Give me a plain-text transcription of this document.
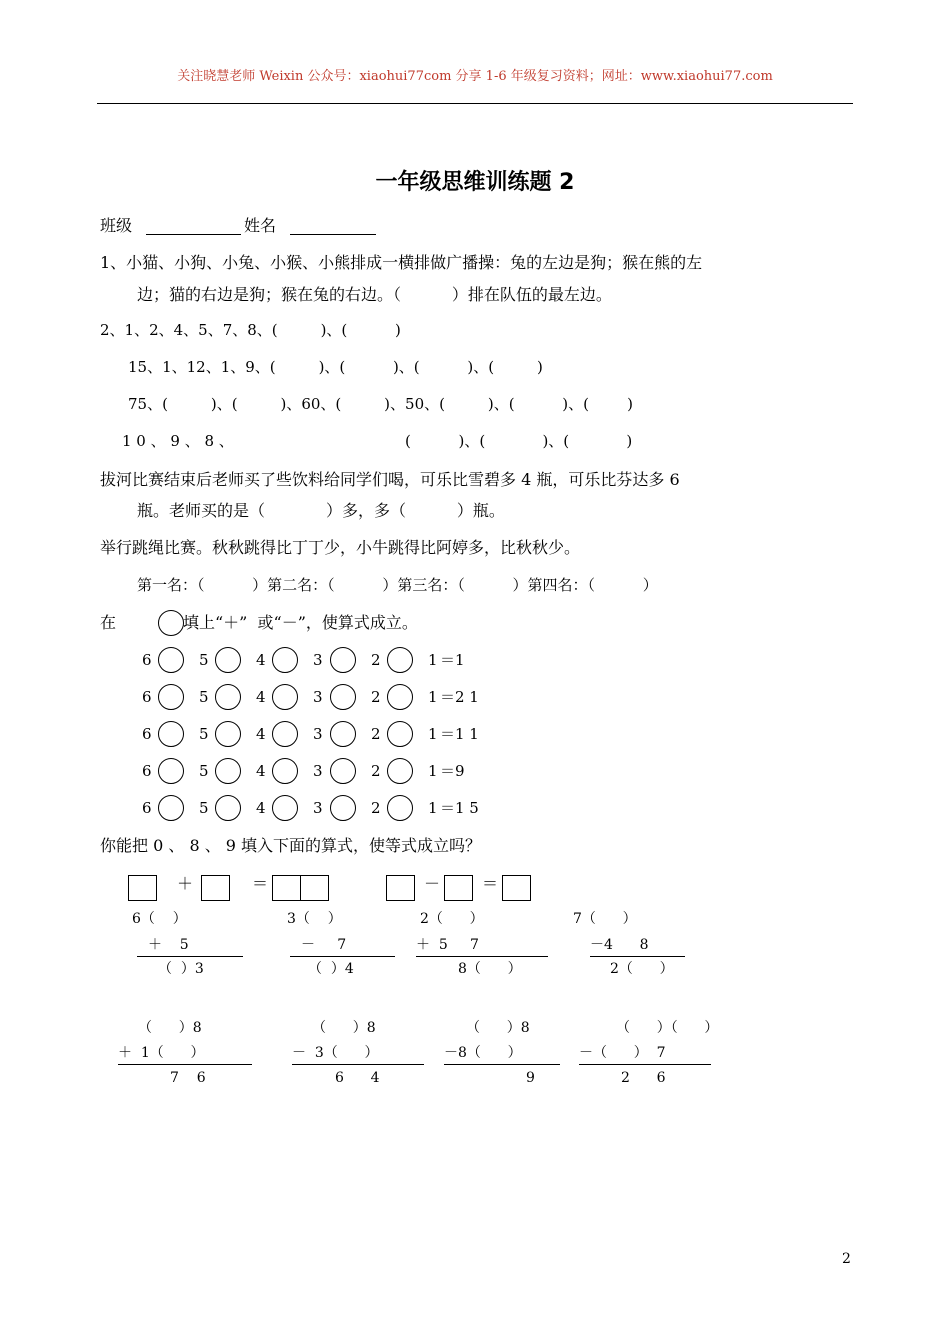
关注晓慧老师 Weixin 公众号：xiaohui77com 分享 1-6 年级复习资料；网址：www.xiaohui77.com
一年级思维训练题 2
班级	姓名
1、小猫、小狗、小兔、小猴、小熊排成一横排做广播操：兔的左边是狗；猴在熊的左
边；猫的右边是狗；猴在兔的右边。（          ）排在队伍的最左边。
2、1、2、4、5、7、8、(         )、(          )
15、1、12、1、9、(         )、(          )、(          )、(         )
75、(         )、(         )、60、(         )、50、(         )、(          )、(        )
1 0 、 9 、 8 、	(          )、(            )、(            )
拔河比赛结束后老师买了些饮料给同学们喝，可乐比雪碧多 4 瓶，可乐比芬达多 6
瓶。老师买的是（            ）多，多（          ）瓶。
举行跳绳比赛。秋秋跳得比丁丁少，小牛跳得比阿婷多，比秋秋少。
第一名：（          ）第二名：（          ）第三名：（          ）第四名：（          ）
在	填上“＋”  或“－”，使算式成立。
6	5	4	3	2	1 ＝1
6	5	4	3	2	1 ＝2 1
6	5	4	3	2	1 ＝1 1
6	5	4	3	2	1 ＝9
6	5	4	3	2	1 ＝1 5
你能把 0 、 8 、 9 填入下面的算式，使等式成立吗？
＋	＝	－	＝
6（    ）	3（    ）	2（      ）	7（      ）
＋    5	－     7	＋  5     7	－4      8
（  ）3	（  ）4	8（      ）	2（      ）
（      ）8	（      ）8	（      ）8	（      ）（      ）
＋  1（      ）	－  3（      ）	－8（      ）	－（      ）  7
7    6	6      4	9	2      6
2
